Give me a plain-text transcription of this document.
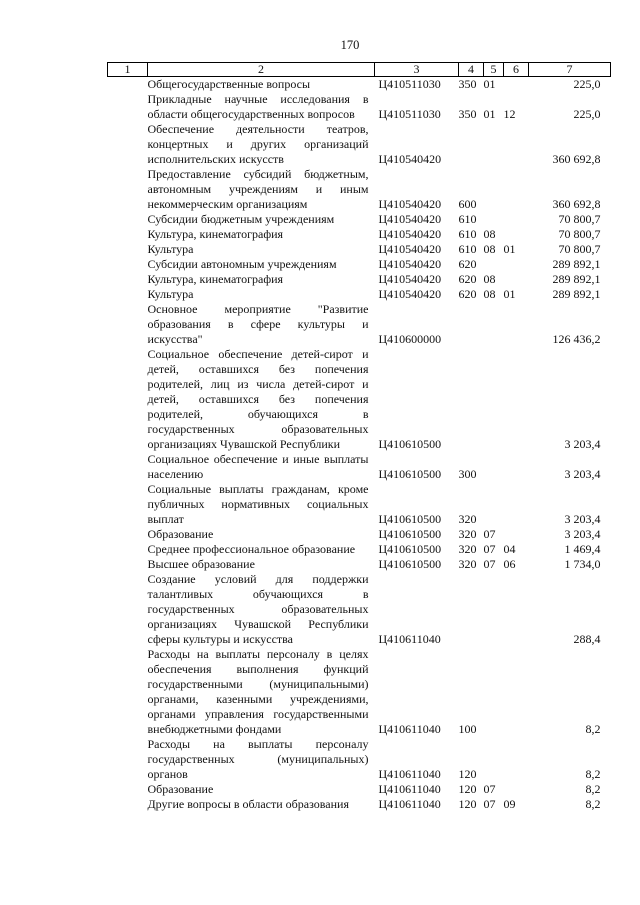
170
1	2	3	4	5	6	7
Общегосударственные вопросы		Ц410511030	350	01		225,0
Прикладные научные исследования в области общегосударственных вопросов		Ц410511030	350	01	12	225,0
Обеспечение деятельности театров, концертных и других организаций исполнительских искусств		Ц410540420				360 692,8
Предоставление субсидий бюджетным, автономным учреждениям и иным некоммерческим организациям		Ц410540420	600			360 692,8
Субсидии бюджетным учреждениям		Ц410540420	610			70 800,7
Культура, кинематография		Ц410540420	610	08		70 800,7
Культура		Ц410540420	610	08	01	70 800,7
Субсидии автономным учреждениям		Ц410540420	620			289 892,1
Культура, кинематография		Ц410540420	620	08		289 892,1
Культура		Ц410540420	620	08	01	289 892,1
Основное мероприятие "Развитие образования в сфере культуры и искусства"		Ц410600000				126 436,2
Социальное обеспечение детей-сирот и детей, оставшихся без попечения родителей, лиц из числа детей-сирот и детей, оставшихся без попечения родителей, обучающихся в государственных образовательных организациях Чувашской Республики		Ц410610500				3 203,4
Социальное обеспечение и иные выплаты населению		Ц410610500	300			3 203,4
Социальные выплаты гражданам, кроме публичных нормативных социальных выплат		Ц410610500	320			3 203,4
Образование		Ц410610500	320	07		3 203,4
Среднее профессиональное образование		Ц410610500	320	07	04	1 469,4
Высшее образование		Ц410610500	320	07	06	1 734,0
Создание условий для поддержки талантливых обучающихся в государственных образовательных организациях Чувашской Республики сферы культуры и искусства		Ц410611040				288,4
Расходы на выплаты персоналу в целях обеспечения выполнения функций государственными (муниципальными) органами, казенными учреждениями, органами управления государственными внебюджетными фондами		Ц410611040	100			8,2
Расходы на выплаты персоналу государственных (муниципальных) органов		Ц410611040	120			8,2
Образование		Ц410611040	120	07		8,2
Другие вопросы в области образования		Ц410611040	120	07	09	8,2
